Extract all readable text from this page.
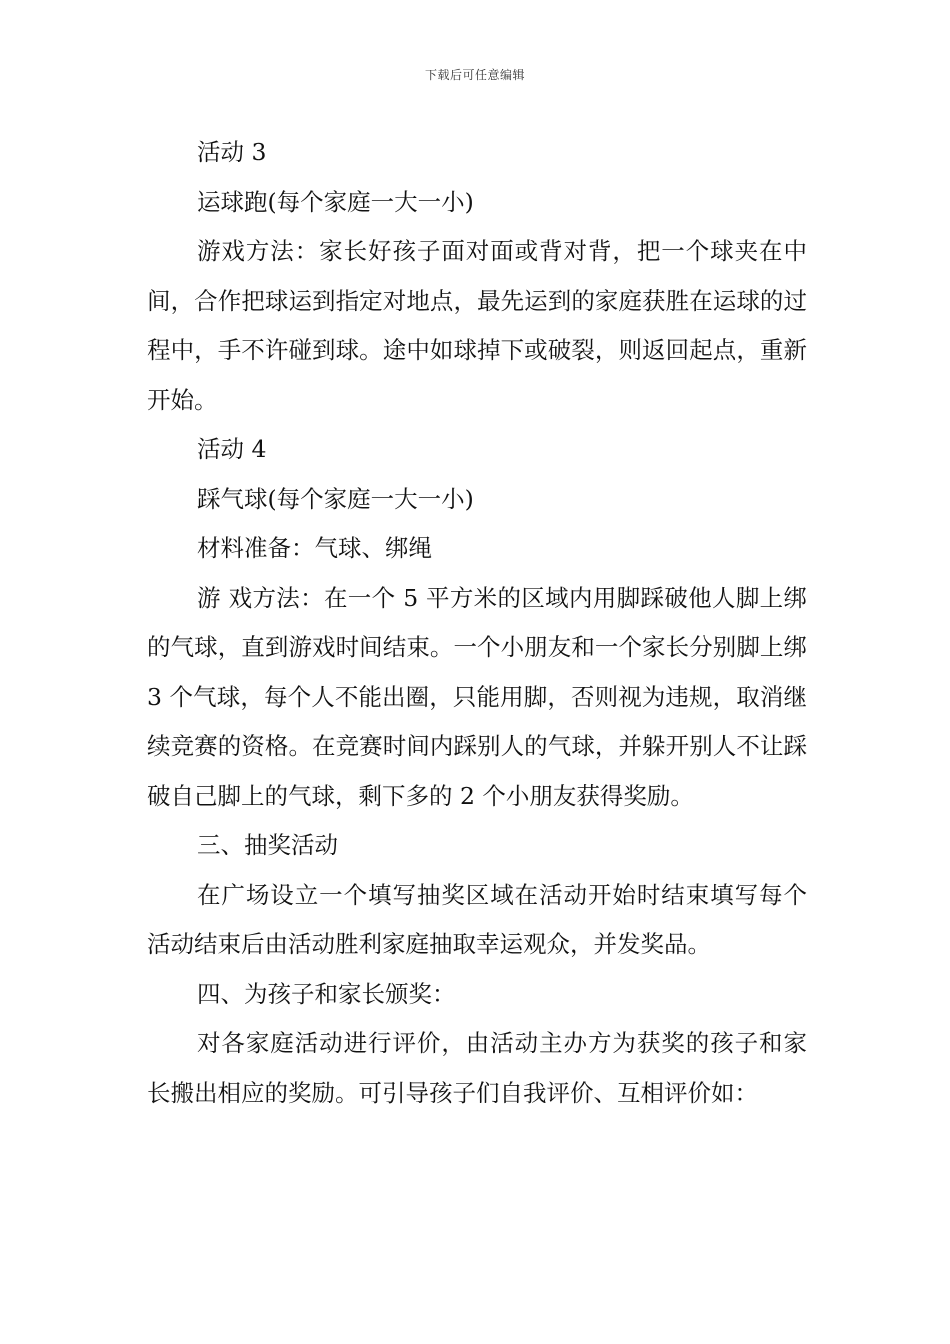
下载后可任意编辑

活动 3

运球跑(每个家庭一大一小)

游戏方法：家长好孩子面对面或背对背，把一个球夹在中间，合作把球运到指定对地点，最先运到的家庭获胜在运球的过程中，手不许碰到球。途中如球掉下或破裂，则返回起点，重新开始。

活动 4

踩气球(每个家庭一大一小)

材料准备：气球、绑绳

游 戏方法：在一个 5 平方米的区域内用脚踩破他人脚上绑的气球，直到游戏时间结束。一个小朋友和一个家长分别脚上绑 3 个气球，每个人不能出圈，只能用脚，否则视为违规，取消继续竞赛的资格。在竞赛时间内踩别人的气球，并躲开别人不让踩破自己脚上的气球，剩下多的 2 个小朋友获得奖励。

三、抽奖活动

在广场设立一个填写抽奖区域在活动开始时结束填写每个活动结束后由活动胜利家庭抽取幸运观众，并发奖品。

四、为孩子和家长颁奖：

对各家庭活动进行评价，由活动主办方为获奖的孩子和家长搬出相应的奖励。可引导孩子们自我评价、互相评价如：
